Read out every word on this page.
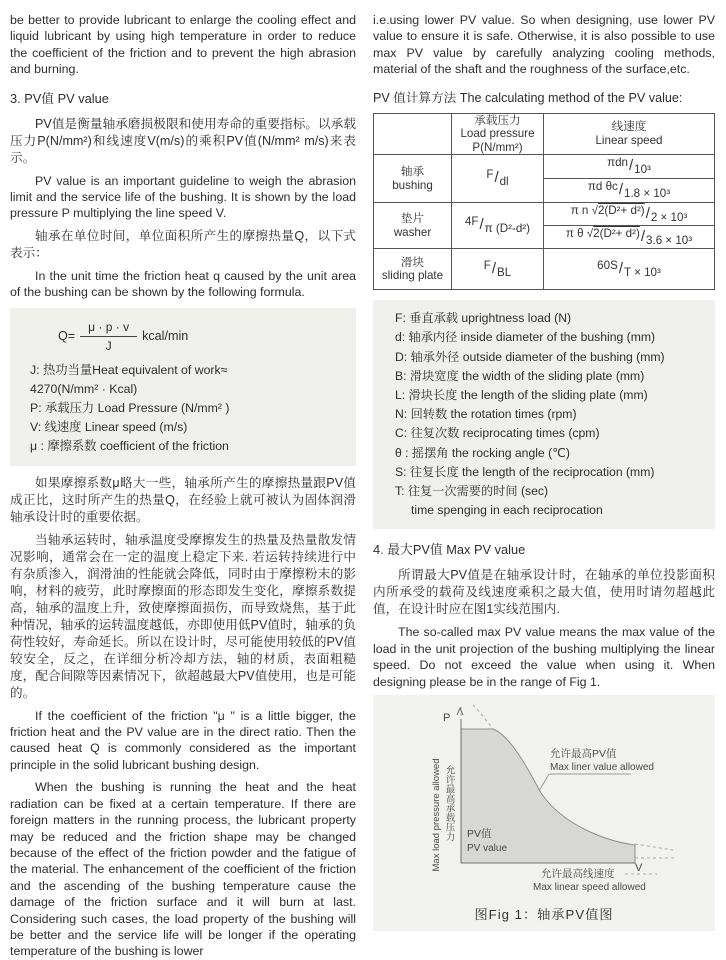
be better to provide lubricant to enlarge the cooling effect and liquid lubricant by using high temperature in order to reduce the coefficient of the friction and to prevent the high abrasion and burning.

3. PV值 PV value

PV值是衡量轴承磨损极限和使用寿命的重要指标。以承载压力P(N/mm²)和线速度V(m/s)的乘积PV值(N/mm² m/s)来表示。

PV value is an important guideline to weigh the abrasion limit and the service life of the bushing. It is shown by the load pressure P multiplying the line speed V.

轴承在单位时间，单位面积所产生的摩擦热量Q，以下式表示：

In the unit time the friction heat q caused by the unit area of the bushing can be shown by the following formula.

$Q= \frac{\mu \cdot p \cdot v}{J}$ kcal/min
J: 热功当量Heat equivalent of work≈
4270(N/mm² · Kcal)
P: 承载压力 Load Pressure (N/mm² )
V: 线速度 Linear speed (m/s)
μ : 摩擦系数 coefficient of the friction

如果摩擦系数μ略大一些，轴承所产生的摩擦热量跟PV值成正比，这时所产生的热量Q，在经验上就可被认为固体润滑轴承设计时的重要依据。

当轴承运转时，轴承温度受摩擦发生的热量及热量散发情况影响，通常会在一定的温度上稳定下来. 若运转持续进行中有杂质渗入，润滑油的性能就会降低，同时由于摩擦粉末的影响，材料的疲劳，此时摩擦面的形态即发生变化，摩擦系数提高，轴承的温度上升，致使摩擦面损伤，而导致烧焦，基于此种情况，轴承的运转温度越低，亦即使用低PV值时，轴承的负荷性较好，寿命延长。所以在设计时，尽可能使用较低的PV值较安全，反之，在详细分析冷却方法，轴的材质，表面粗糙度，配合间隙等因素情况下，欲超越最大PV值使用，也是可能的。

If the coefficient of the friction "μ " is a little bigger, the friction heat and the PV value are in the direct ratio. Then the caused heat Q is commonly considered as the important principle in the solid lubricant bushing design.

When the bushing is running the heat and the heat radiation can be fixed at a certain temperature. If there are foreign matters in the running process, the lubricant property may be reduced and the friction shape may be changed because of the effect of the friction powder and the fatigue of the material. The enhancement of the coefficient of the friction and the ascending of the bushing temperature cause the damage of the friction surface and it will burn at last. Considering such cases, the load property of the bushing will be better and the service life will be longer if the operating temperature of the bushing is lower

i.e.using lower PV value. So when designing, use lower PV value to ensure it is safe. Otherwise, it is also possible to use max PV value by carefully analyzing cooling methods, material of the shaft and the roughness of the surface,etc.

PV 值计算方法 The calculating method of the PV value:
承载压力
Load pressure
P(N/mm²)
线速度
Linear speed
轴承
bushing
F/dl
πdn/10³
πd θc/1.8 × 10³
垫片
washer
4F/π (D²-d²)
π n √2(D²+ d²)/2 × 10³
π θ √2(D²+ d²)/3.6 × 10³
滑块
sliding plate
F/BL
60S/T × 10³
F: 垂直承载 uprightness load (N)
d: 轴承内径 inside diameter of the bushing (mm)
D: 轴承外径 outside diameter of the bushing (mm)
B: 滑块宽度 the width of the sliding plate (mm)
L: 滑块长度 the length of the sliding plate (mm)
N: 回转数 the rotation times (rpm)
C: 往复次数 reciprocating times (cpm)
θ : 摇摆角 the rocking angle (℃)
S: 往复长度 the length of the reciprocation (mm)
T: 往复一次需要的时间 (sec)
time spenging in each reciprocation
4. 最大PV值 Max PV value

所谓最大PV值是在轴承设计时，在轴承的单位投影面积内所承受的载荷及线速度乘积之最大值，使用时请勿超越此值，在设计时应在图1实线范围内.

The so-called max PV value means the max value of the load in the unit projection of the bushing multiplying the linear speed. Do not exceed the value when using it. When designing please be in the range of Fig 1.

P
V
允许最高PV值
Max liner value allowed
PV值
PV value
允许最高线速度
Max linear speed allowed
Max load pressure allowed 允许最高承载压力
图Fig 1：轴承PV值图
